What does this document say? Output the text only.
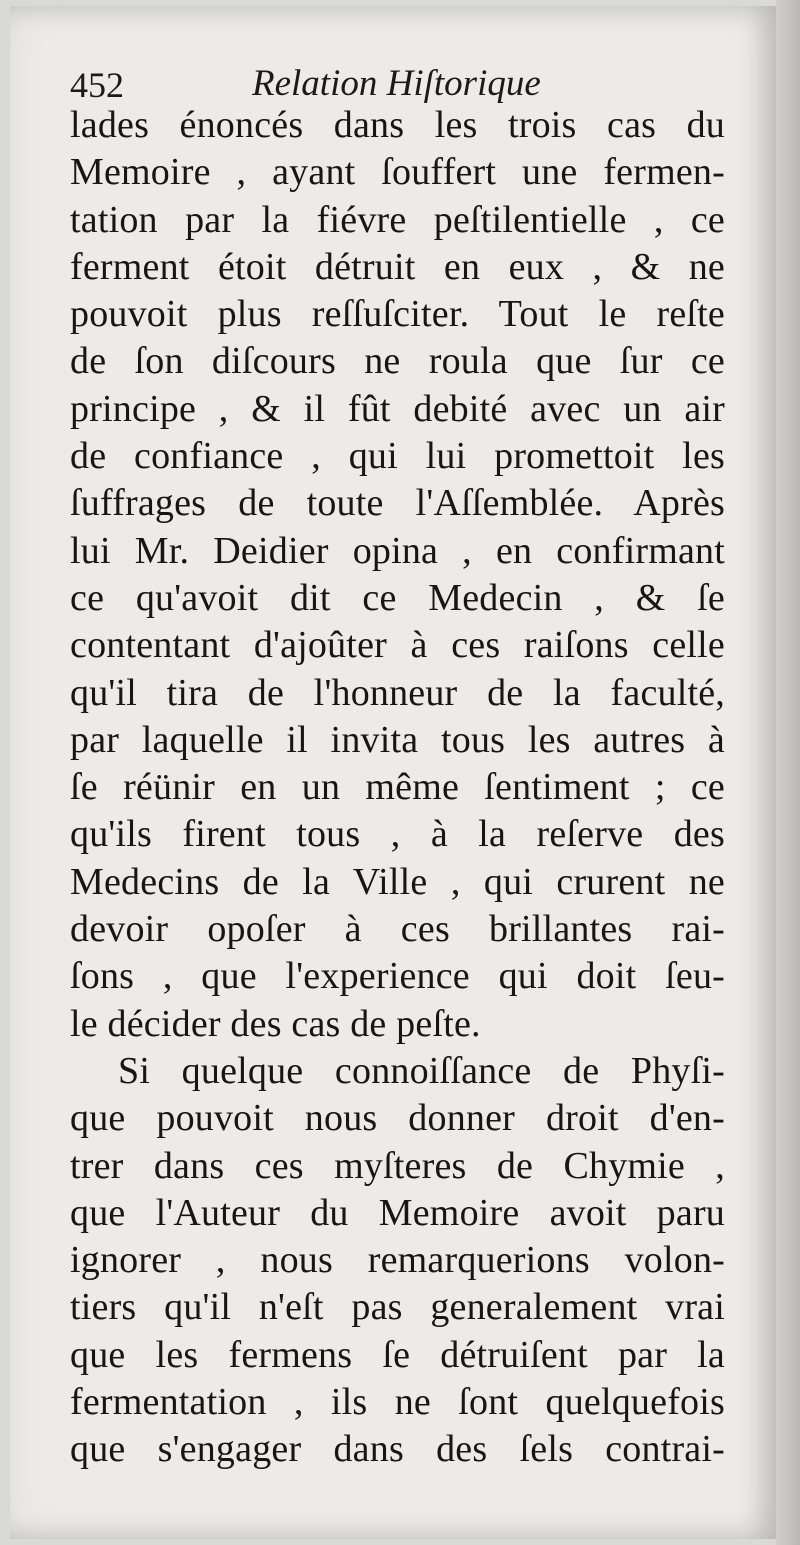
452	Relation Hiſtorique
lades énoncés dans les trois cas du
Memoire , ayant ſouffert une fermen-
tation par la fiévre peſtilentielle , ce
ferment étoit détruit en eux , & ne
pouvoit plus reſſuſciter. Tout le reſte
de ſon diſcours ne roula que ſur ce
principe , & il fût debité avec un air
de confiance , qui lui promettoit les
ſuffrages de toute l'Aſſemblée. Après
lui Mr. Deidier opina , en confirmant
ce qu'avoit dit ce Medecin , & ſe
contentant d'ajoûter à ces raiſons celle
qu'il tira de l'honneur de la faculté,
par laquelle il invita tous les autres à
ſe réünir en un même ſentiment ; ce
qu'ils firent tous , à la reſerve des
Medecins de la Ville , qui crurent ne
devoir opoſer à ces brillantes rai-
ſons , que l'experience qui doit ſeu-
le décider des cas de peſte.
Si quelque connoiſſance de Phyſi-
que pouvoit nous donner droit d'en-
trer dans ces myſteres de Chymie ,
que l'Auteur du Memoire avoit paru
ignorer , nous remarquerions volon-
tiers qu'il n'eſt pas generalement vrai
que les fermens ſe détruiſent par la
fermentation , ils ne ſont quelquefois
que s'engager dans des ſels contrai-
